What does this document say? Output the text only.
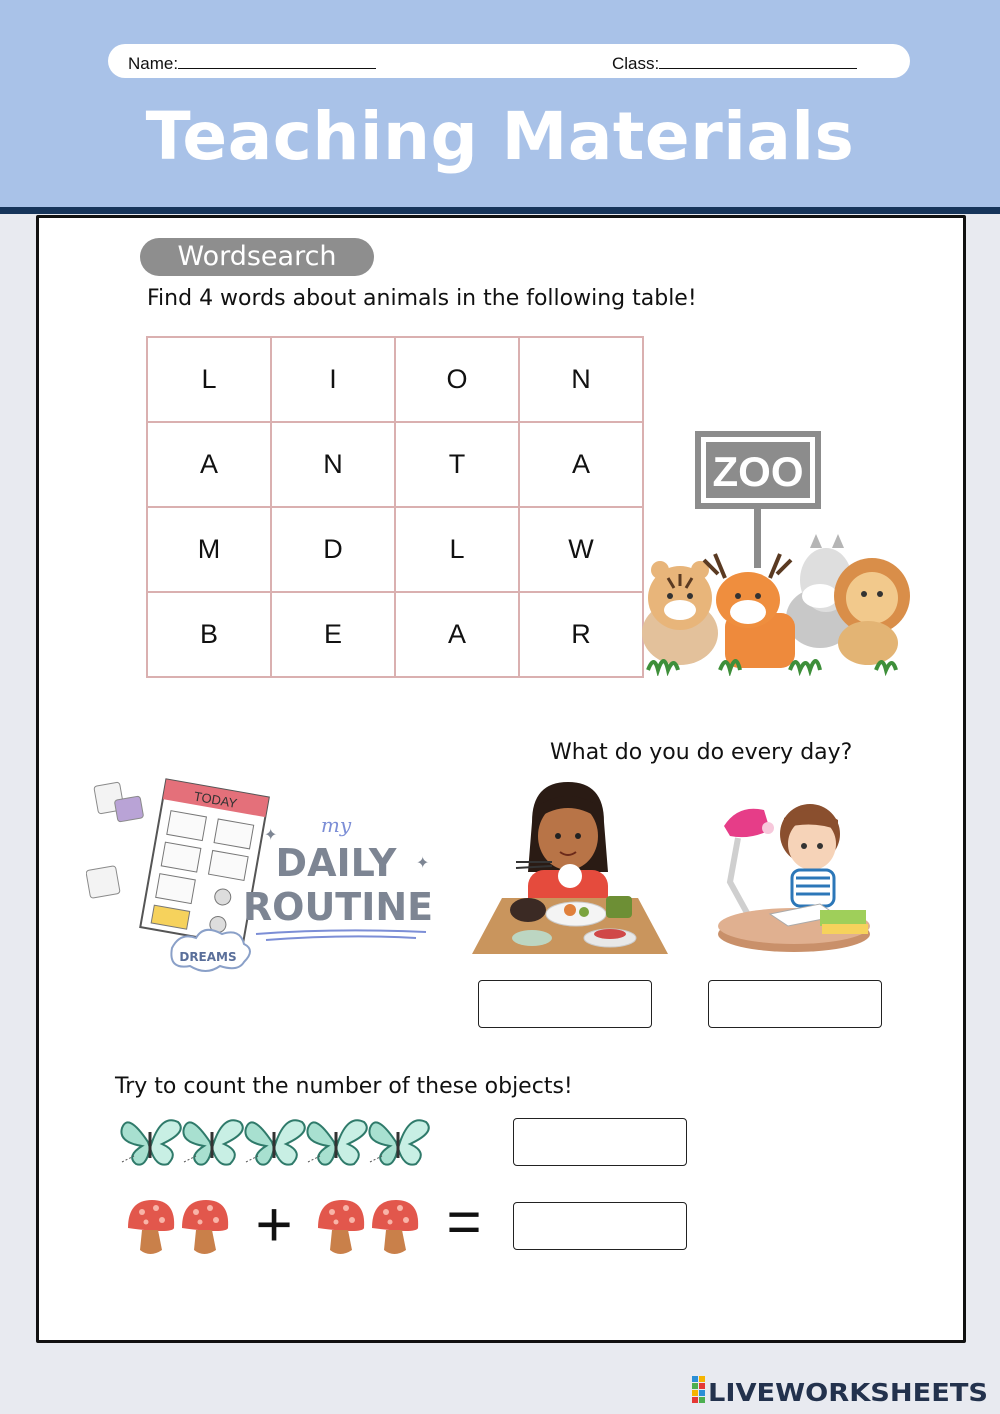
Name:	Class:
Teaching Materials
Wordsearch
Find 4 words about animals in the following table!
L	I	O	N
A	N	T	A
M	D	L	W
B	E	A	R
ZOO
What do you do every day?
TODAY
DREAMS
my
DAILY
ROUTINE
✦
✦
Try to count the number of these objects!
+	=
LIVEWORKSHEETS
